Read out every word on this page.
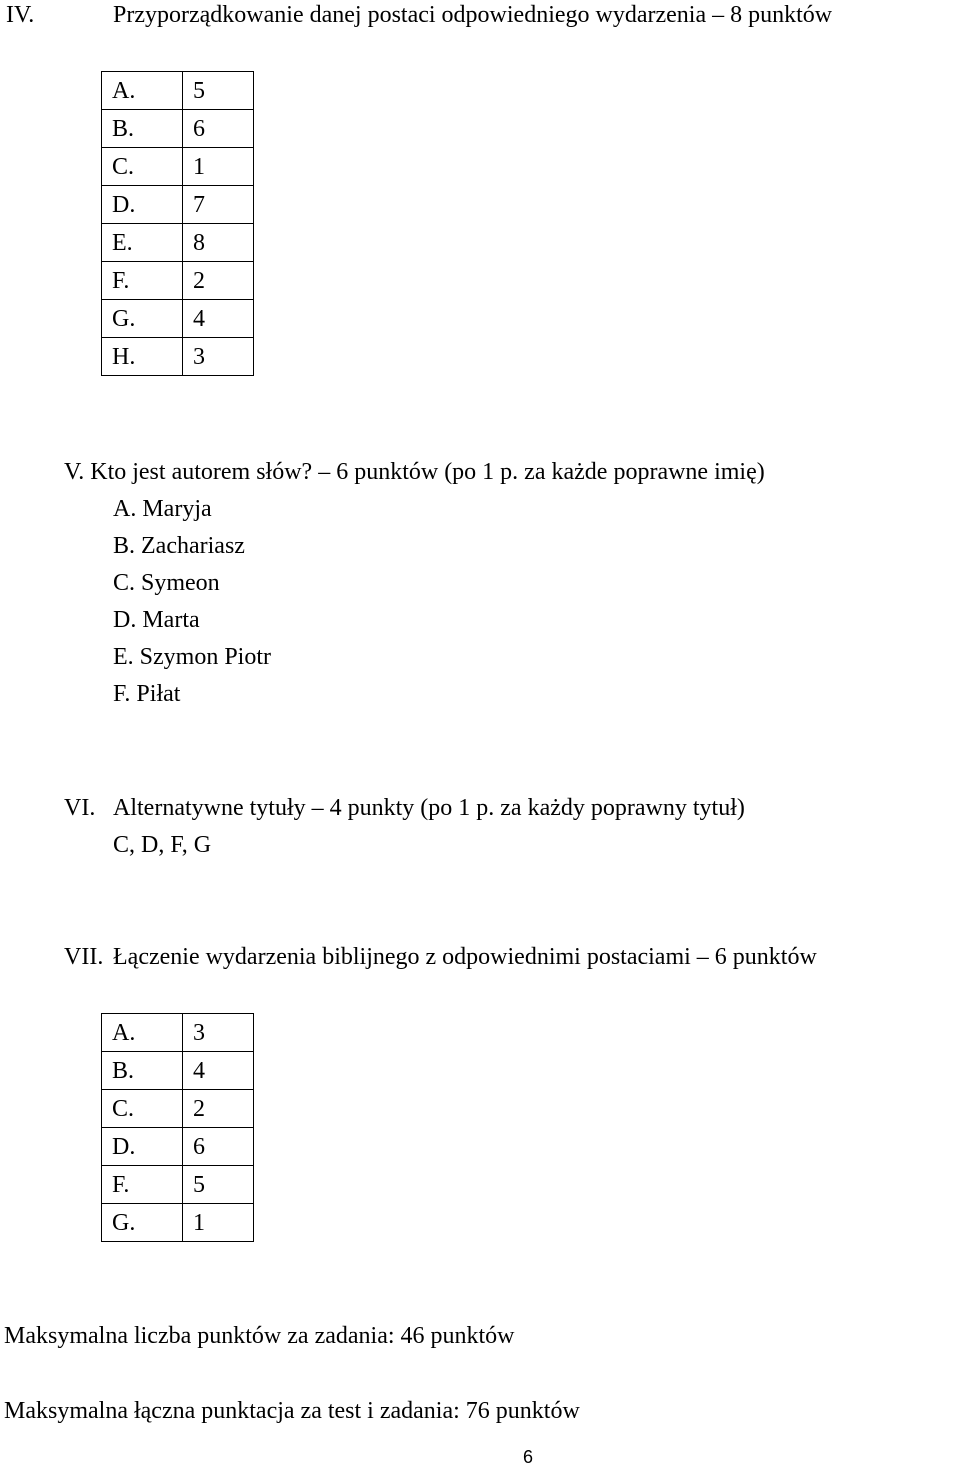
IV.	Przyporządkowanie danej postaci odpowiedniego wydarzenia – 8 punktów
A.	5
B.	6
C.	1
D.	7
E.	8
F.	2
G.	4
H.	3
V. Kto jest autorem słów? – 6 punktów (po 1 p. za każde poprawne imię)
A. Maryja
B. Zachariasz
C. Symeon
D. Marta
E. Szymon Piotr
F. Piłat
VI. Alternatywne tytuły – 4 punkty (po 1 p. za każdy poprawny tytuł)
C, D, F, G
VII. Łączenie wydarzenia biblijnego z odpowiednimi postaciami – 6 punktów
A.	3
B.	4
C.	2
D.	6
F.	5
G.	1
Maksymalna liczba punktów za zadania: 46 punktów
Maksymalna łączna punktacja za test i zadania: 76 punktów
6
